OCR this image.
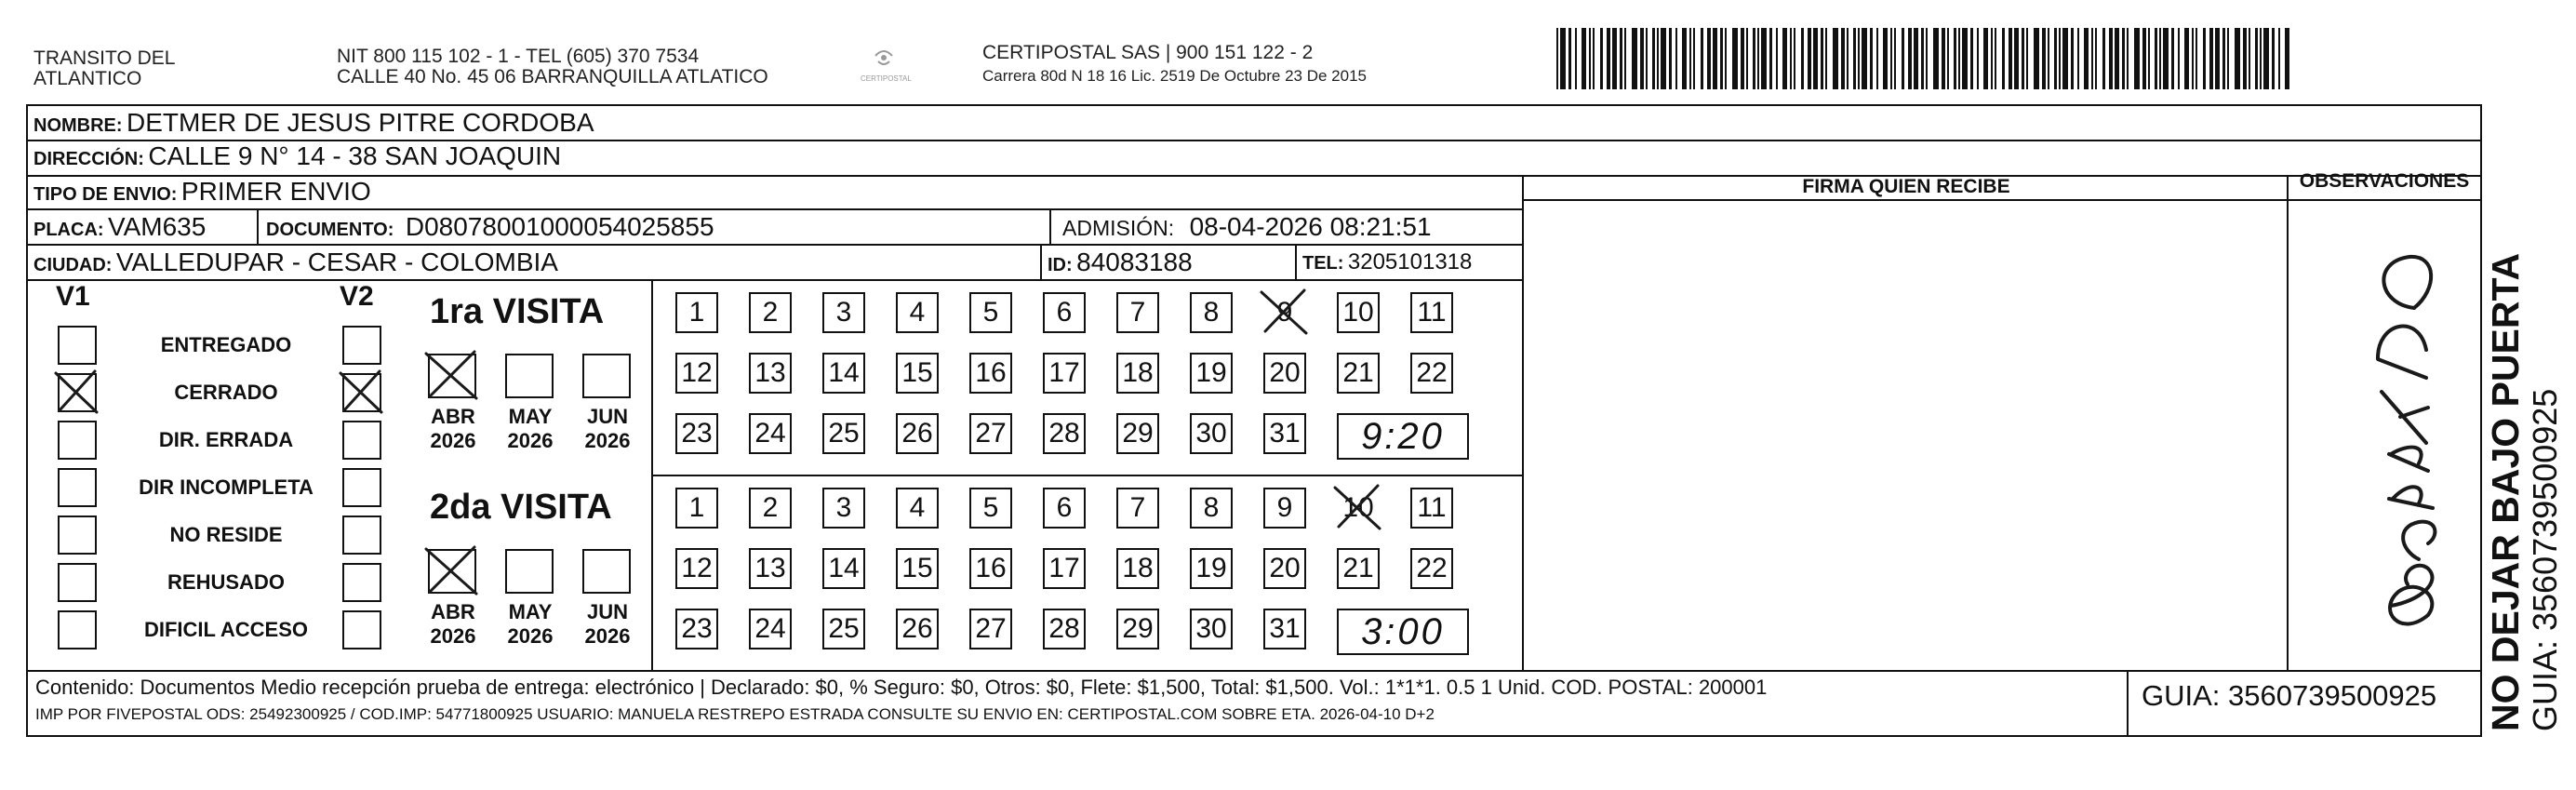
TRANSITO DEL
ATLANTICO
NIT 800 115 102 - 1 - TEL (605) 370 7534
CALLE 40 No. 45 06 BARRANQUILLA ATLATICO	CERTIPOSTAL
CERTIPOSTAL SAS | 900 151 122 - 2
Carrera 80d N 18 16 Lic. 2519 De Octubre 23 De 2015
NOMBRE: DETMER DE JESUS PITRE CORDOBA
DIRECCIÓN: CALLE 9 N° 14 - 38 SAN JOAQUIN
TIPO DE ENVIO: PRIMER ENVIO
PLACA: VAM635	DOCUMENTO: D08078001000054025855	ADMISIÓN: 08-04-2026 08:21:51
CIUDAD: VALLEDUPAR - CESAR - COLOMBIA	ID: 84083188	TEL: 3205101318
FIRMA QUIEN RECIBE	OBSERVACIONES
V1	V2
ENTREGADO
CERRADO
DIR. ERRADA
DIR INCOMPLETA
NO RESIDE
REHUSADO
DIFICIL ACCESO
1ra VISITA
ABR
2026
MAY
2026
JUN
2026
1	2	3	4	5	6	7	8	9	10 11
12 13 14 15 16 17 18 19 20 21 22
23 24 25 26 27 28 29 30 31	9:20
2da VISITA
ABR
2026
MAY
2026
JUN
2026
1	2	3	4	5	6	7	8	9	10 11
12 13 14 15 16 17 18 19 20 21 22
23 24 25 26 27 28 29 30 31	3:00
Contenido: Documentos Medio recepción prueba de entrega: electrónico | Declarado: $0, % Seguro: $0, Otros: $0, Flete: $1,500, Total: $1,500. Vol.: 1*1*1. 0.5 1 Unid. COD. POSTAL: 200001
IMP POR FIVEPOSTAL ODS: 25492300925 / COD.IMP: 54771800925 USUARIO: MANUELA RESTREPO ESTRADA CONSULTE SU ENVIO EN: CERTIPOSTAL.COM SOBRE ETA. 2026-04-10 D+2
GUIA: 3560739500925 NO DEJAR BAJO PUERTA GUIA: 3560739500925
